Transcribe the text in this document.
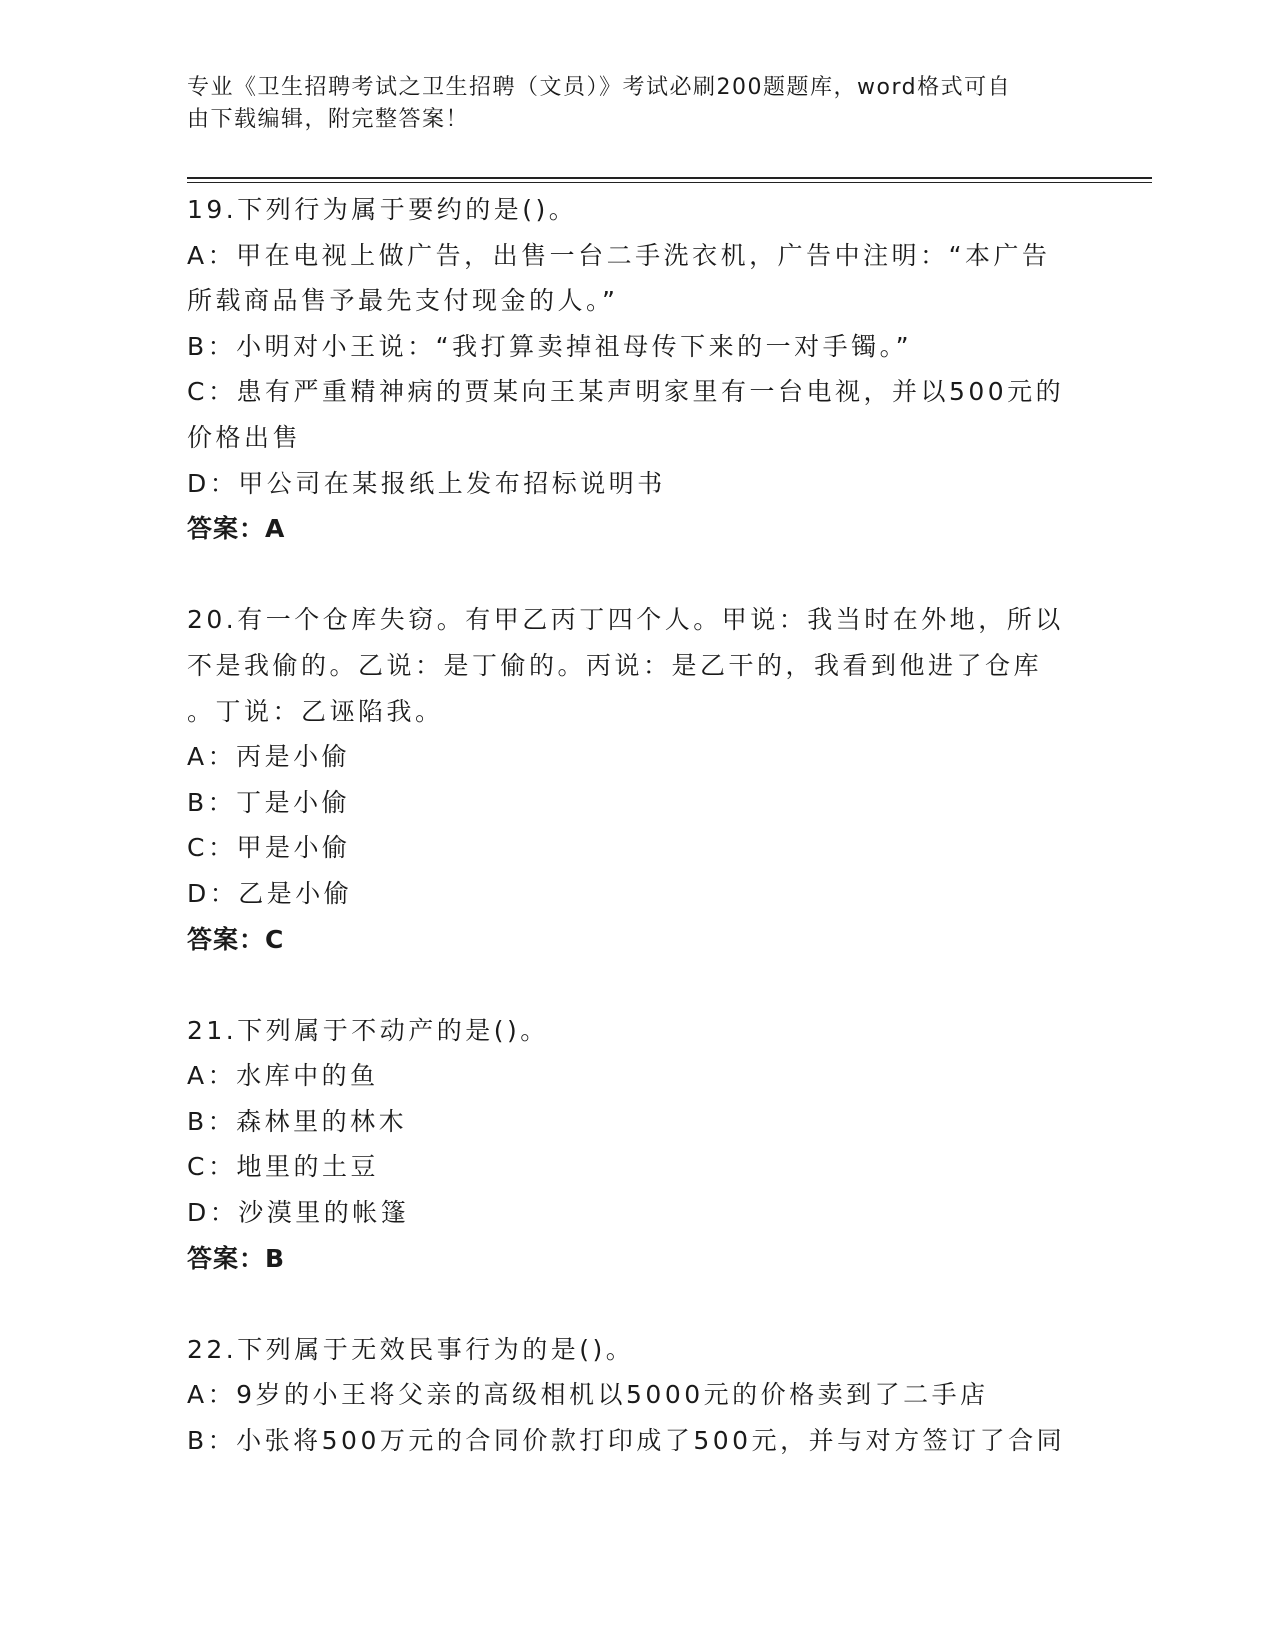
专业《卫生招聘考试之卫生招聘（文员）》考试必刷200题题库，word格式可自
由下载编辑，附完整答案！
19.下列行为属于要约的是()。
A：甲在电视上做广告，出售一台二手洗衣机，广告中注明：“本广告
所载商品售予最先支付现金的人。”
B：小明对小王说：“我打算卖掉祖母传下来的一对手镯。”
C：患有严重精神病的贾某向王某声明家里有一台电视，并以500元的
价格出售
D：甲公司在某报纸上发布招标说明书
答案：A
20.有一个仓库失窃。有甲乙丙丁四个人。甲说：我当时在外地，所以
不是我偷的。乙说：是丁偷的。丙说：是乙干的，我看到他进了仓库
。丁说：乙诬陷我。
A：丙是小偷
B：丁是小偷
C：甲是小偷
D：乙是小偷
答案：C
21.下列属于不动产的是()。
A：水库中的鱼
B：森林里的林木
C：地里的土豆
D：沙漠里的帐篷
答案：B
22.下列属于无效民事行为的是()。
A：9岁的小王将父亲的高级相机以5000元的价格卖到了二手店
B：小张将500万元的合同价款打印成了500元，并与对方签订了合同
